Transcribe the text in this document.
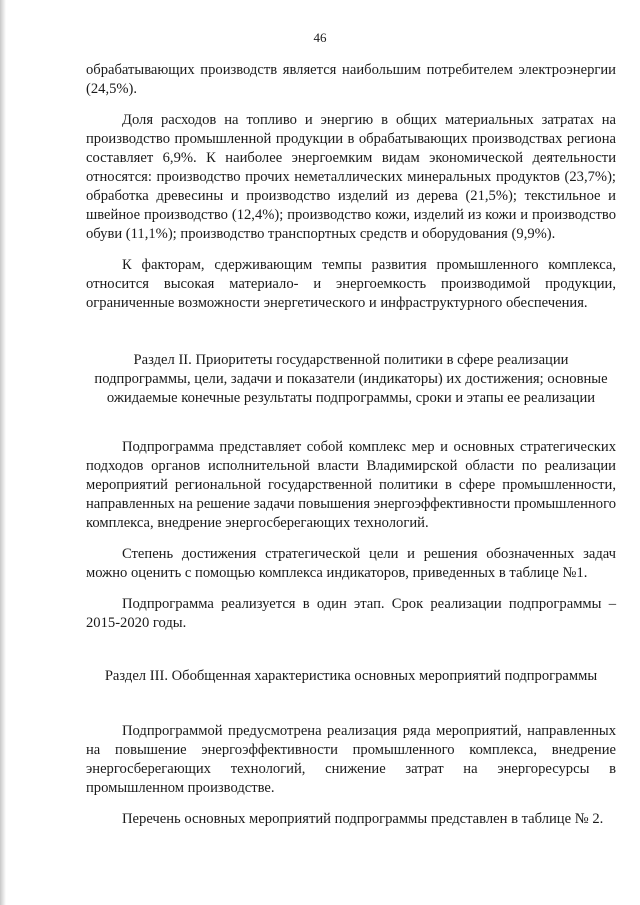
46

обрабатывающих производств является наибольшим потребителем электроэнергии (24,5%).

Доля расходов на топливо и энергию в общих материальных затратах на производство промышленной продукции в обрабатывающих производствах региона составляет 6,9%. К наиболее энергоемким видам экономической деятельности относятся: производство прочих неметаллических минеральных продуктов (23,7%); обработка древесины и производство изделий из дерева (21,5%); текстильное и швейное производство (12,4%); производство кожи, изделий из кожи и производство обуви (11,1%); производство транспортных средств и оборудования (9,9%).

К факторам, сдерживающим темпы развития промышленного комплекса, относится высокая материало- и энергоемкость производимой продукции, ограниченные возможности энергетического и инфраструктурного обеспечения.

Раздел II. Приоритеты государственной политики в сфере реализации подпрограммы, цели, задачи и показатели (индикаторы) их достижения; основные ожидаемые конечные результаты подпрограммы, сроки и этапы ее реализации

Подпрограмма представляет собой комплекс мер и основных стратегических подходов органов исполнительной власти Владимирской области по реализации мероприятий региональной государственной политики в сфере промышленности, направленных на решение задачи повышения энергоэффективности промышленного комплекса, внедрение энергосберегающих технологий.

Степень достижения стратегической цели и решения обозначенных задач можно оценить с помощью комплекса индикаторов, приведенных в таблице №1.

Подпрограмма реализуется в один этап. Срок реализации подпрограммы – 2015-2020 годы.

Раздел III. Обобщенная характеристика основных мероприятий подпрограммы

Подпрограммой предусмотрена реализация ряда мероприятий, направленных на повышение энергоэффективности промышленного комплекса, внедрение энергосберегающих технологий, снижение затрат на энергоресурсы в промышленном производстве.

Перечень основных мероприятий подпрограммы представлен в таблице № 2.
